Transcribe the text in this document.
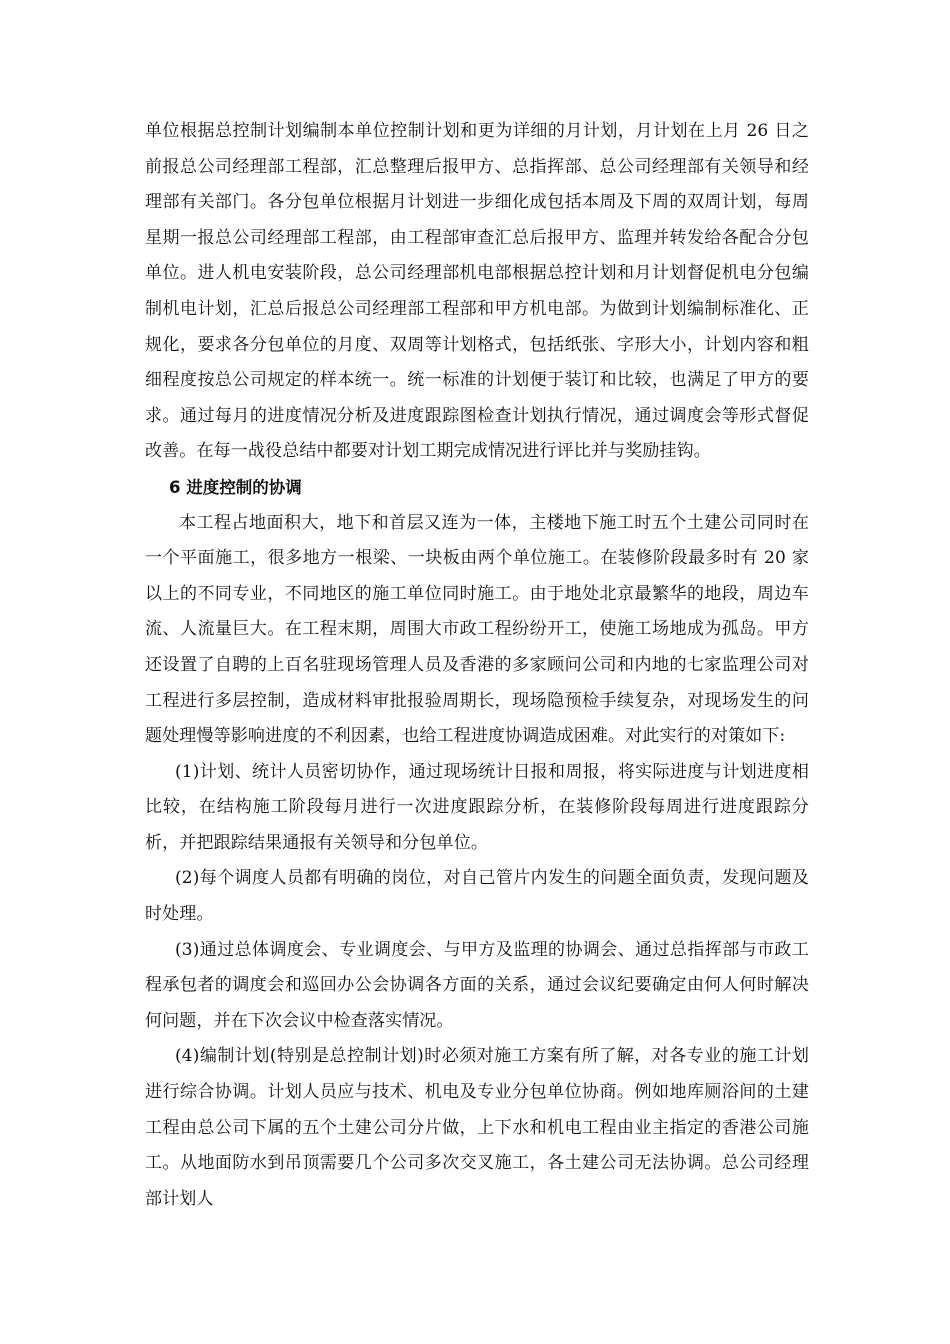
单位根据总控制计划编制本单位控制计划和更为详细的月计划，月计划在上月 26 日之前报总公司经理部工程部，汇总整理后报甲方、总指挥部、总公司经理部有关领导和经理部有关部门。各分包单位根据月计划进一步细化成包括本周及下周的双周计划，每周星期一报总公司经理部工程部，由工程部审查汇总后报甲方、监理并转发给各配合分包单位。进人机电安装阶段，总公司经理部机电部根据总控计划和月计划督促机电分包编制机电计划，汇总后报总公司经理部工程部和甲方机电部。为做到计划编制标准化、正规化，要求各分包单位的月度、双周等计划格式，包括纸张、字形大小，计划内容和粗细程度按总公司规定的样本统一。统一标准的计划便于装订和比较，也满足了甲方的要求。通过每月的进度情况分析及进度跟踪图检查计划执行情况，通过调度会等形式督促改善。在每一战役总结中都要对计划工期完成情况进行评比并与奖励挂钩。

6 进度控制的协调

本工程占地面积大，地下和首层又连为一体，主楼地下施工时五个土建公司同时在一个平面施工，很多地方一根梁、一块板由两个单位施工。在装修阶段最多时有 20 家以上的不同专业，不同地区的施工单位同时施工。由于地处北京最繁华的地段，周边车流、人流量巨大。在工程末期，周围大市政工程纷纷开工，使施工场地成为孤岛。甲方还设置了自聘的上百名驻现场管理人员及香港的多家顾问公司和内地的七家监理公司对工程进行多层控制，造成材料审批报验周期长，现场隐预检手续复杂，对现场发生的问题处理慢等影响进度的不利因素，也给工程进度协调造成困难。对此实行的对策如下:

(1)计划、统计人员密切协作，通过现场统计日报和周报，将实际进度与计划进度相比较，在结构施工阶段每月进行一次进度跟踪分析，在装修阶段每周进行进度跟踪分析，并把跟踪结果通报有关领导和分包单位。

(2)每个调度人员都有明确的岗位，对自己管片内发生的问题全面负责，发现问题及时处理。

(3)通过总体调度会、专业调度会、与甲方及监理的协调会、通过总指挥部与市政工程承包者的调度会和巡回办公会协调各方面的关系，通过会议纪要确定由何人何时解决何问题，并在下次会议中检查落实情况。

(4)编制计划(特别是总控制计划)时必须对施工方案有所了解，对各专业的施工计划进行综合协调。计划人员应与技术、机电及专业分包单位协商。例如地库厕浴间的土建工程由总公司下属的五个土建公司分片做，上下水和机电工程由业主指定的香港公司施工。从地面防水到吊顶需要几个公司多次交叉施工，各土建公司无法协调。总公司经理部计划人
